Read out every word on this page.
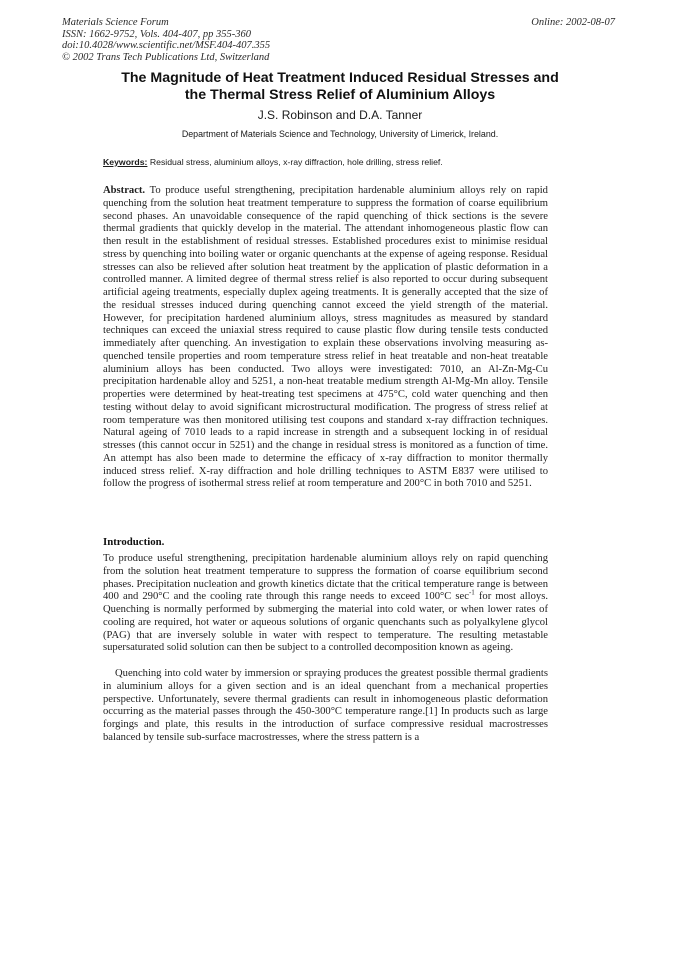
Materials Science Forum
ISSN: 1662-9752, Vols. 404-407, pp 355-360
doi:10.4028/www.scientific.net/MSF.404-407.355
© 2002 Trans Tech Publications Ltd, Switzerland
Online: 2002-08-07
The Magnitude of Heat Treatment Induced Residual Stresses and
the Thermal Stress Relief of Aluminium Alloys
J.S. Robinson and D.A. Tanner
Department of Materials Science and Technology, University of Limerick, Ireland.
Keywords: Residual stress, aluminium alloys, x-ray diffraction, hole drilling, stress relief.
Abstract. To produce useful strengthening, precipitation hardenable aluminium alloys rely on rapid quenching from the solution heat treatment temperature to suppress the formation of coarse equilibrium second phases. An unavoidable consequence of the rapid quenching of thick sections is the severe thermal gradients that quickly develop in the material. The attendant inhomogeneous plastic flow can then result in the establishment of residual stresses. Established procedures exist to minimise residual stress by quenching into boiling water or organic quenchants at the expense of ageing response. Residual stresses can also be relieved after solution heat treatment by the application of plastic deformation in a controlled manner. A limited degree of thermal stress relief is also reported to occur during subsequent artificial ageing treatments, especially duplex ageing treatments. It is generally accepted that the size of the residual stresses induced during quenching cannot exceed the yield strength of the material. However, for precipitation hardened aluminium alloys, stress magnitudes as measured by standard techniques can exceed the uniaxial stress required to cause plastic flow during tensile tests conducted immediately after quenching. An investigation to explain these observations involving measuring as-quenched tensile properties and room temperature stress relief in heat treatable and non-heat treatable aluminium alloys has been conducted. Two alloys were investigated: 7010, an Al-Zn-Mg-Cu precipitation hardenable alloy and 5251, a non-heat treatable medium strength Al-Mg-Mn alloy. Tensile properties were determined by heat-treating test specimens at 475°C, cold water quenching and then testing without delay to avoid significant microstructural modification. The progress of stress relief at room temperature was then monitored utilising test coupons and standard x-ray diffraction techniques. Natural ageing of 7010 leads to a rapid increase in strength and a subsequent locking in of residual stresses (this cannot occur in 5251) and the change in residual stress is monitored as a function of time. An attempt has also been made to determine the efficacy of x-ray diffraction to monitor thermally induced stress relief. X-ray diffraction and hole drilling techniques to ASTM E837 were utilised to follow the progress of isothermal stress relief at room temperature and 200°C in both 7010 and 5251.
Introduction.
To produce useful strengthening, precipitation hardenable aluminium alloys rely on rapid quenching from the solution heat treatment temperature to suppress the formation of coarse equilibrium second phases. Precipitation nucleation and growth kinetics dictate that the critical temperature range is between 400 and 290°C and the cooling rate through this range needs to exceed 100°C $\sec^{-1}$ for most alloys. Quenching is normally performed by submerging the material into cold water, or when lower rates of cooling are required, hot water or aqueous solutions of organic quenchants such as polyalkylene glycol (PAG) that are inversely soluble in water with respect to temperature. The resulting metastable supersaturated solid solution can then be subject to a controlled decomposition known as ageing.
Quenching into cold water by immersion or spraying produces the greatest possible thermal gradients in aluminium alloys for a given section and is an ideal quenchant from a mechanical properties perspective. Unfortunately, severe thermal gradients can result in inhomogeneous plastic deformation occurring as the material passes through the 450-300°C temperature range.[1] In products such as large forgings and plate, this results in the introduction of surface compressive residual macrostresses balanced by tensile sub-surface macrostresses, where the stress pattern is a
